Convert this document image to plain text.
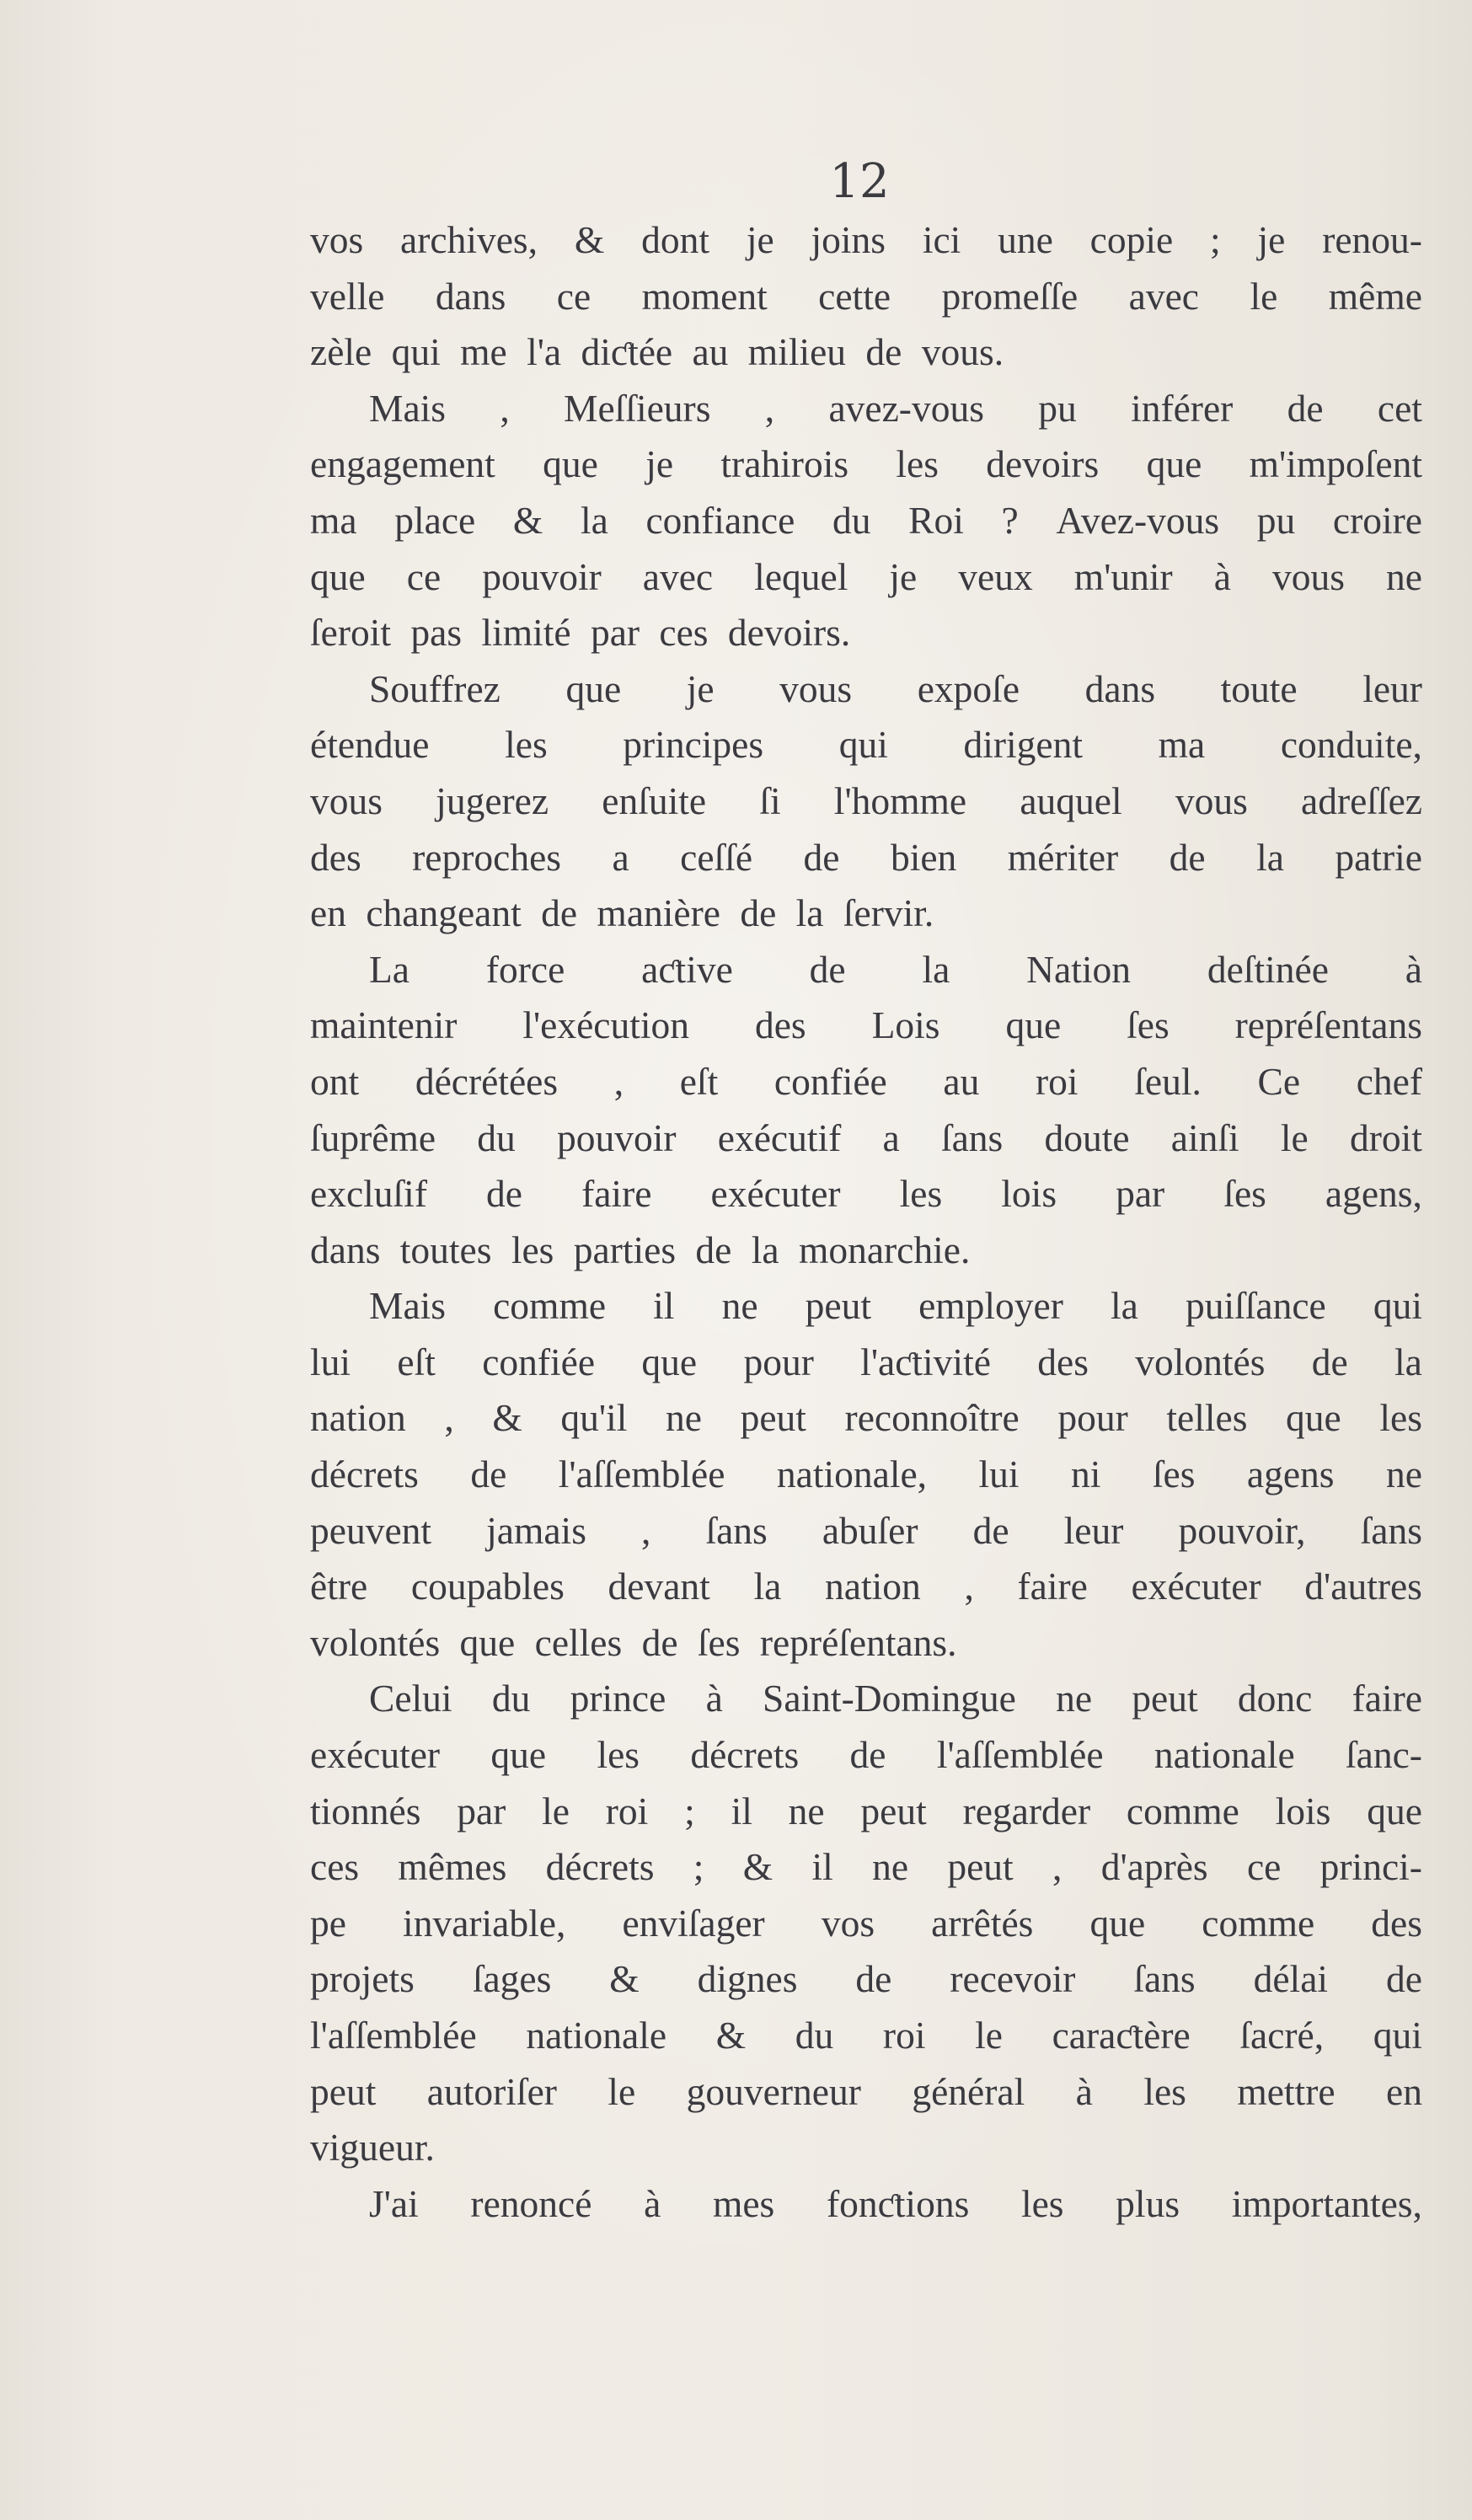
12
vos archives, & dont je joins ici une copie ; je renou-
velle dans ce moment cette promeſſe avec le même
zèle qui me l'a diƈtée au milieu de vous.
Mais , Meſſieurs , avez-vous pu inférer de cet
engagement que je trahirois les devoirs que m'impoſent
ma place & la confiance du Roi ? Avez-vous pu croire
que ce pouvoir avec lequel je veux m'unir à vous ne
ſeroit pas limité par ces devoirs.
Souffrez que je vous expoſe dans toute leur
étendue les principes qui dirigent ma conduite,
vous jugerez enſuite ſi l'homme auquel vous adreſſez
des reproches a ceſſé de bien mériter de la patrie
en changeant de manière de la ſervir.
La force aƈtive de la Nation deſtinée à
maintenir l'exécution des Lois que ſes repréſentans
ont décrétées , eſt confiée au roi ſeul. Ce chef
ſuprême du pouvoir exécutif a ſans doute ainſi le droit
excluſif de faire exécuter les lois par ſes agens,
dans toutes les parties de la monarchie.
Mais comme il ne peut employer la puiſſance qui
lui eſt confiée que pour l'aƈtivité des volontés de la
nation , & qu'il ne peut reconnoître pour telles que les
décrets de l'aſſemblée nationale, lui ni ſes agens ne
peuvent jamais , ſans abuſer de leur pouvoir, ſans
être coupables devant la nation , faire exécuter d'autres
volontés que celles de ſes repréſentans.
Celui du prince à Saint-Domingue ne peut donc faire
exécuter que les décrets de l'aſſemblée nationale ſanc-
tionnés par le roi ; il ne peut regarder comme lois que
ces mêmes décrets ; & il ne peut , d'après ce princi-
pe invariable, enviſager vos arrêtés que comme des
projets ſages & dignes de recevoir ſans délai de
l'aſſemblée nationale & du roi le caraƈtère ſacré, qui
peut autoriſer le gouverneur général à les mettre en
vigueur.
J'ai renoncé à mes fonƈtions les plus importantes,
